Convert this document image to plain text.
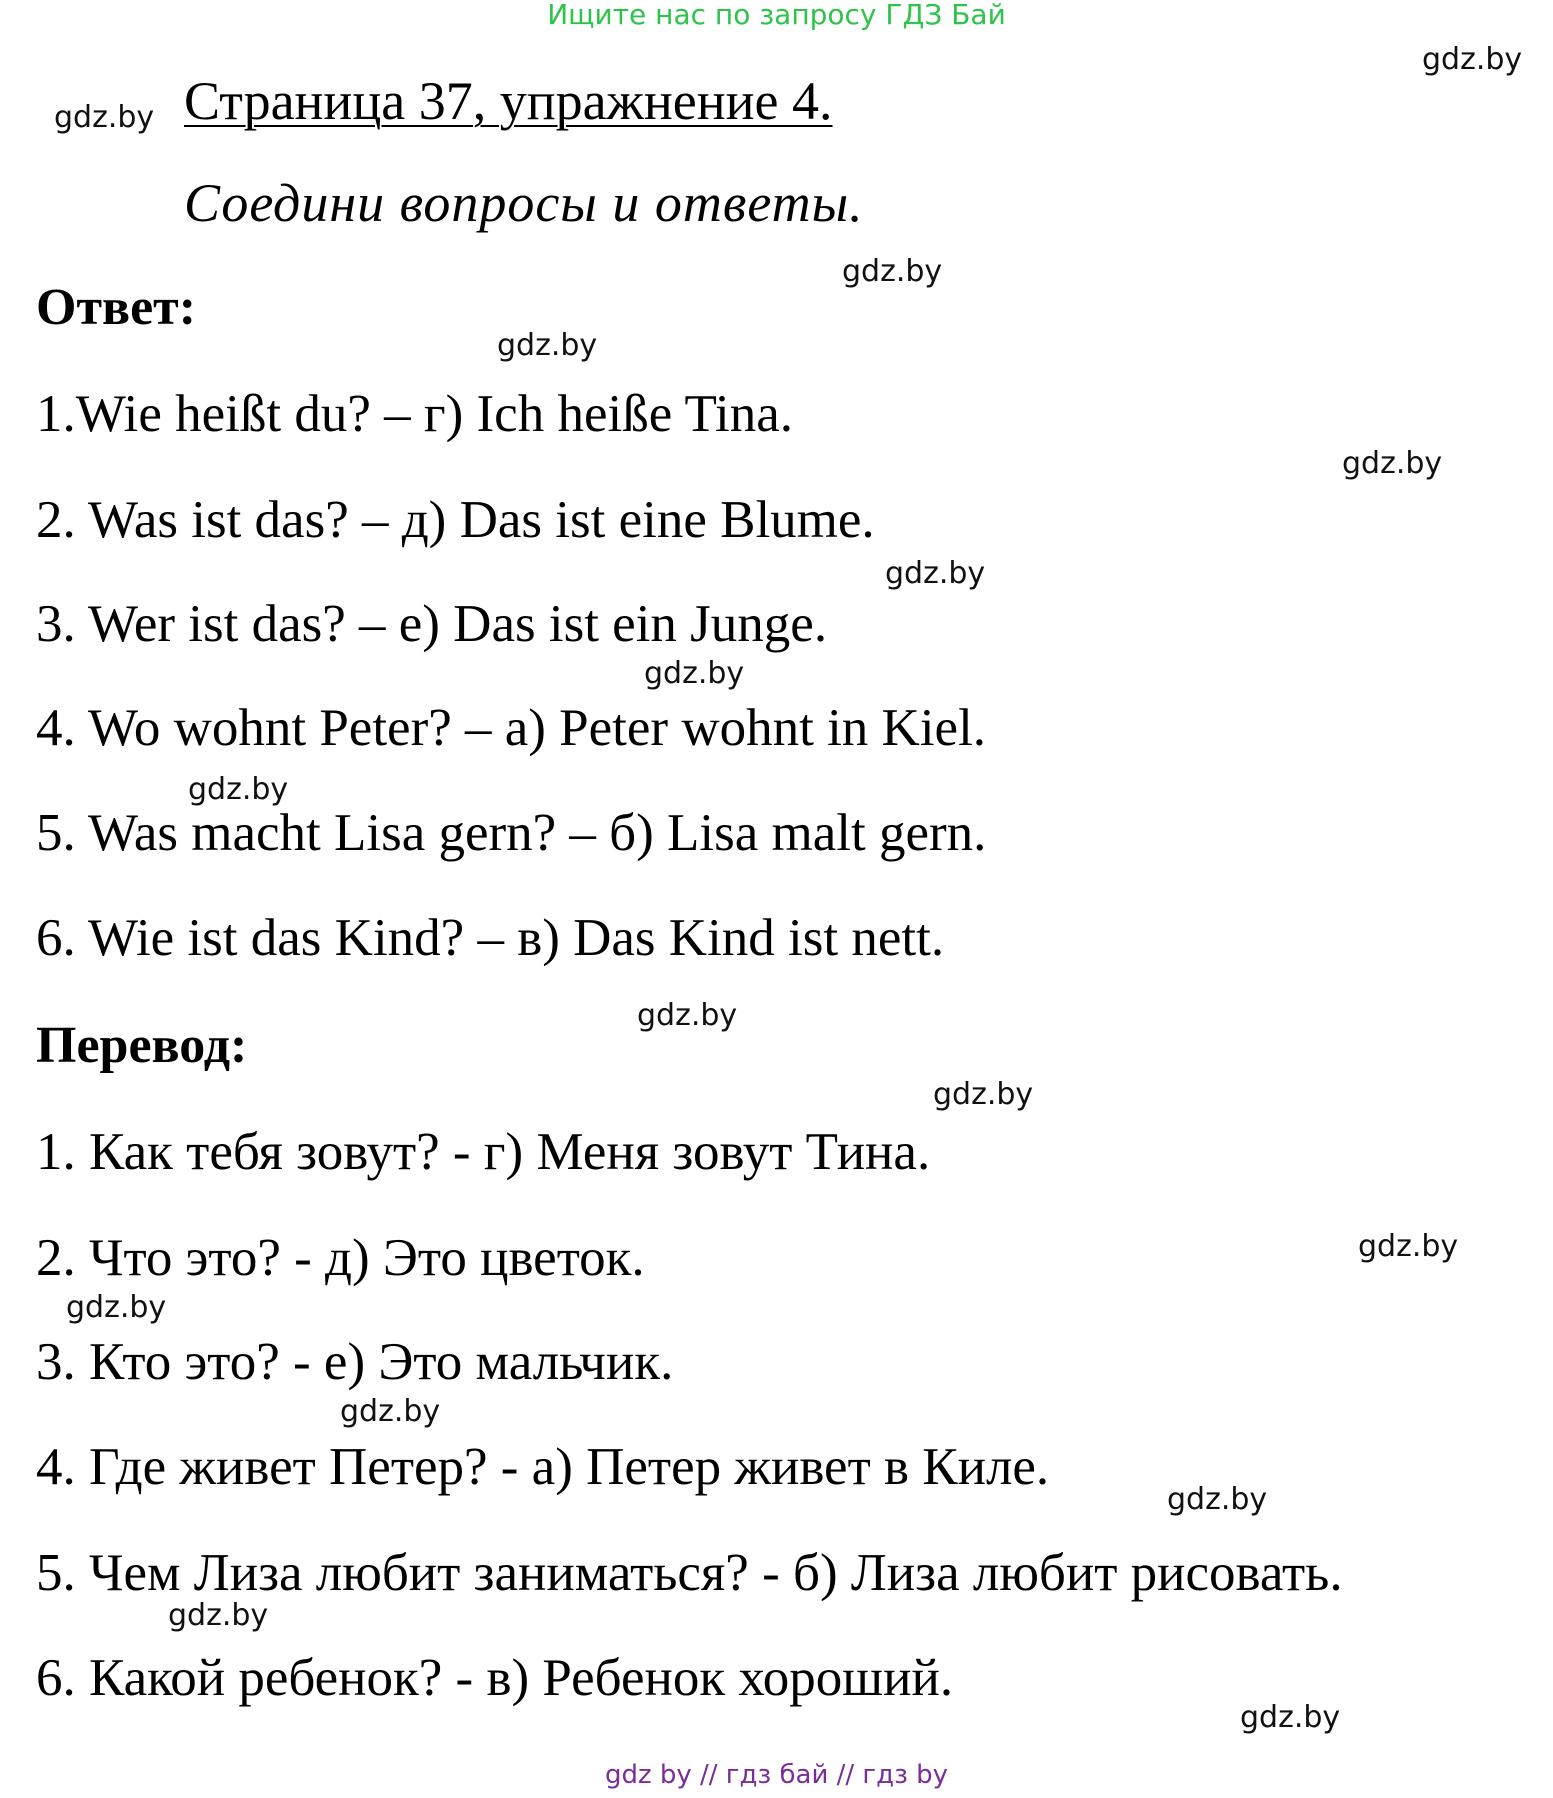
Ищите нас по запросу ГДЗ Бай
gdz.by
gdz.by
gdz.by
gdz.by
gdz.by
gdz.by
gdz.by
gdz.by
gdz.by
gdz.by
gdz.by
gdz.by
gdz.by
gdz.by
gdz.by
gdz.by
Страница 37, упражнение 4.
Соедини вопросы и ответы.
Ответ:
1.Wie heißt du? – г) Ich heiße Tina.
2. Was ist das? – д) Das ist eine Blume.
3. Wer ist das? – е) Das ist ein Junge.
4. Wo wohnt Peter? – а) Peter wohnt in Kiel.
5. Was macht Lisa gern? – б) Lisa malt gern.
6. Wie ist das Kind? – в) Das Kind ist nett.
Перевод:
1. Как тебя зовут? - г) Меня зовут Тина.
2. Что это? - д) Это цветок.
3. Кто это? - е) Это мальчик.
4. Где живет Петер? - а) Петер живет в Киле.
5. Чем Лиза любит заниматься? - б) Лиза любит рисовать.
6. Какой ребенок? - в) Ребенок хороший.
gdz by // гдз бай // гдз by
